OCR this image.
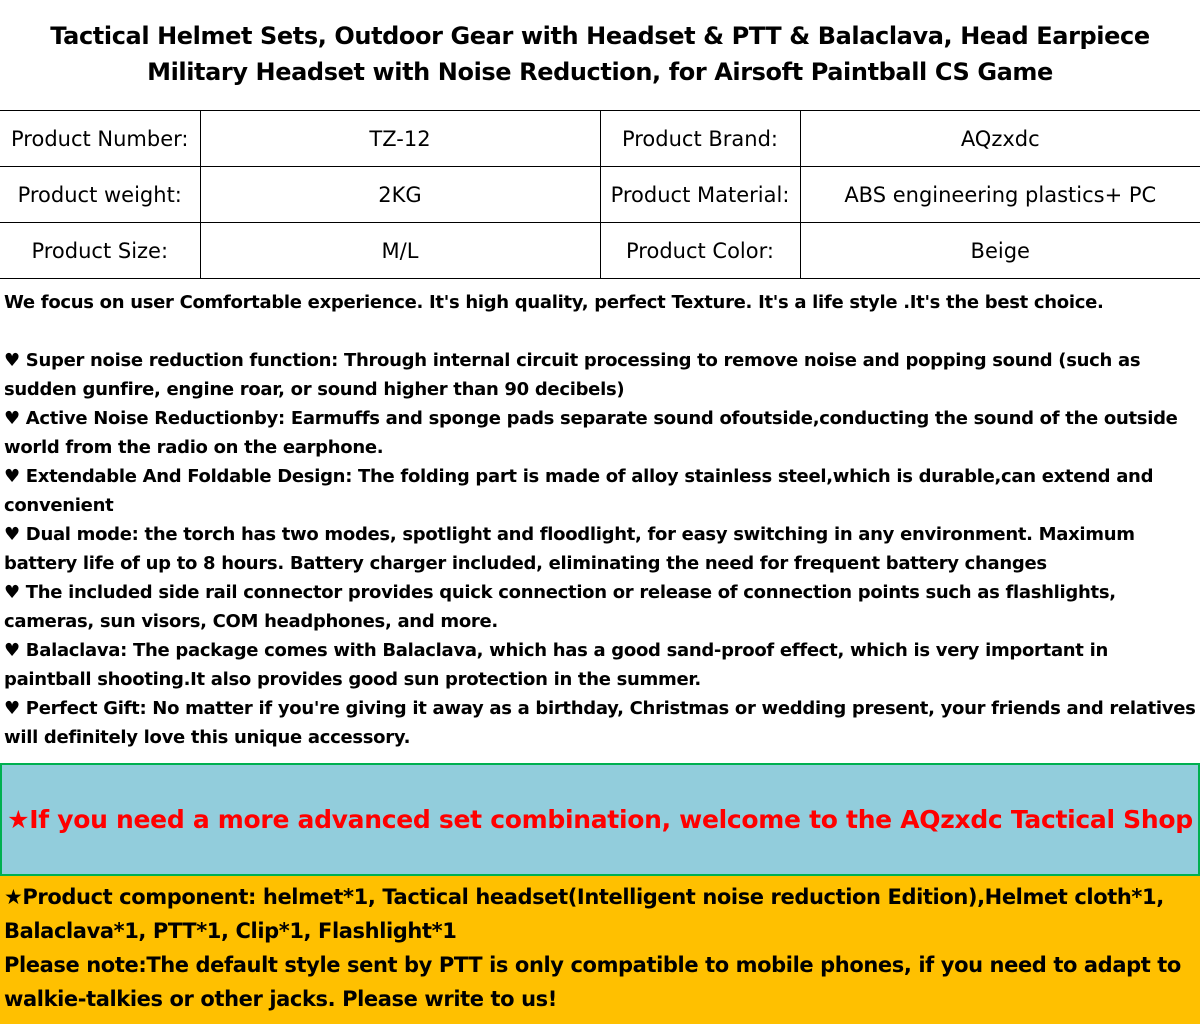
Tactical Helmet Sets, Outdoor Gear with Headset & PTT & Balaclava, Head Earpiece Military Headset with Noise Reduction, for Airsoft Paintball CS Game
Product Number:	TZ-12	Product Brand:	AQzxdc
Product weight:	2KG	Product Material:	ABS engineering plastics+ PC
Product Size:	M/L	Product Color:	Beige

We focus on user Comfortable experience. It's high quality, perfect Texture. It's a life style .It's the best choice.

♥ Super noise reduction function: Through internal circuit processing to remove noise and popping sound (such as sudden gunfire, engine roar, or sound higher than 90 decibels)

♥ Active Noise Reductionby: Earmuffs and sponge pads separate sound ofoutside,conducting the sound of the outside world from the radio on the earphone.

♥ Extendable And Foldable Design: The folding part is made of alloy stainless steel,which is durable,can extend and convenient

♥ Dual mode: the torch has two modes, spotlight and floodlight, for easy switching in any environment. Maximum battery life of up to 8 hours. Battery charger included, eliminating the need for frequent battery changes

♥ The included side rail connector provides quick connection or release of connection points such as flashlights, cameras, sun visors, COM headphones, and more.

♥ Balaclava: The package comes with Balaclava, which has a good sand-proof effect, which is very important in paintball shooting.It also provides good sun protection in the summer.

♥ Perfect Gift: No matter if you're giving it away as a birthday, Christmas or wedding present, your friends and relatives will definitely love this unique accessory.

★If you need a more advanced set combination, welcome to the AQzxdc Tactical Shop

★Product component: helmet*1, Tactical headset(Intelligent noise reduction Edition),Helmet cloth*1, Balaclava*1, PTT*1, Clip*1, Flashlight*1

Please note:The default style sent by PTT is only compatible to mobile phones, if you need to adapt to walkie-talkies or other jacks. Please write to us!
